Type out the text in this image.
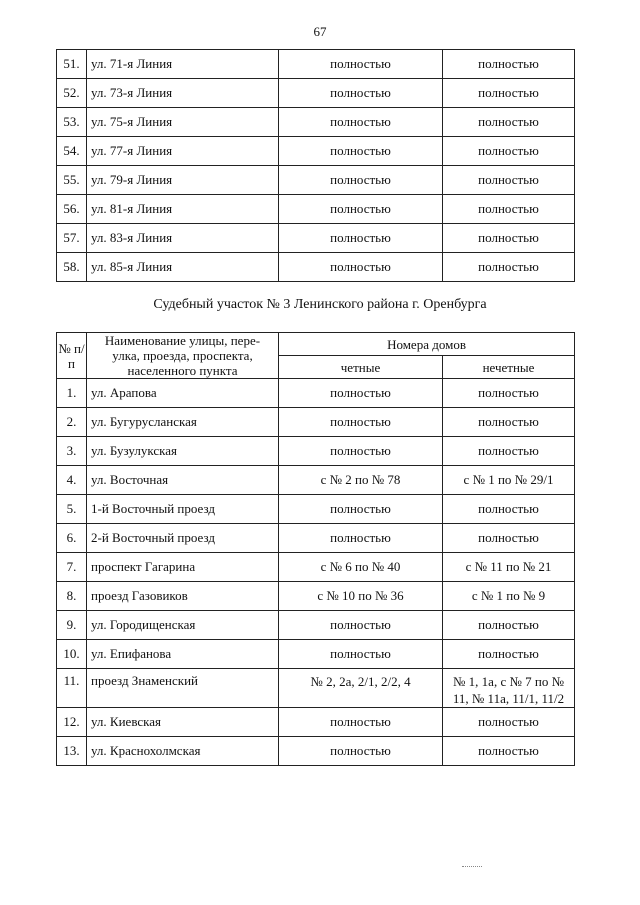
67
51.	ул. 71-я Линия	полностью	полностью
52.	ул. 73-я Линия	полностью	полностью
53.	ул. 75-я Линия	полностью	полностью
54.	ул. 77-я Линия	полностью	полностью
55.	ул. 79-я Линия	полностью	полностью
56.	ул. 81-я Линия	полностью	полностью
57.	ул. 83-я Линия	полностью	полностью
58.	ул. 85-я Линия	полностью	полностью
Судебный участок № 3 Ленинского района г. Оренбурга
№ п/п	Наименование улицы, пере-улка, проезда, проспекта, населенного пункта	Номера домов	
		четные	нечетные
1.	ул. Арапова	полностью	полностью
2.	ул. Бугурусланская	полностью	полностью
3.	ул. Бузулукская	полностью	полностью
4.	ул. Восточная	с № 2 по № 78	с № 1 по № 29/1
5.	1-й Восточный проезд	полностью	полностью
6.	2-й Восточный проезд	полностью	полностью
7.	проспект Гагарина	с № 6 по № 40	с № 11 по № 21
8.	проезд Газовиков	с № 10 по № 36	с № 1 по № 9
9.	ул. Городищенская	полностью	полностью
10.	ул. Епифанова	полностью	полностью
11.	проезд Знаменский	№ 2, 2а, 2/1, 2/2, 4	№ 1, 1а, с № 7 по № 11, № 11а, 11/1, 11/2
12.	ул. Киевская	полностью	полностью
13.	ул. Краснохолмская	полностью	полностью
